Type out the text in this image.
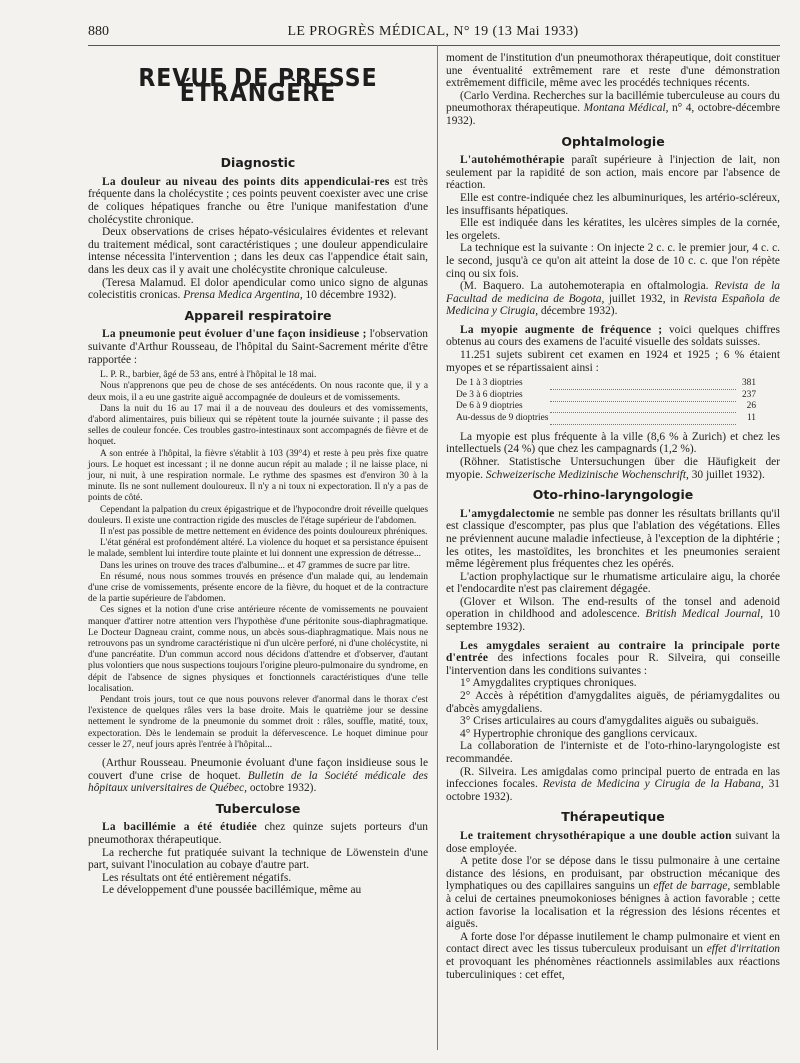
880	LE PROGRÈS MÉDICAL, N° 19 (13 Mai 1933)
REVUE DE PRESSE ÉTRANGÈRE
Diagnostic

La douleur au niveau des points dits appendiculai-res est très fréquente dans la cholécystite ; ces points peuvent coexister avec une crise de coliques hépatiques franche ou être l'unique manifestation d'une cholécystite chronique.

Deux observations de crises hépato-vésiculaires évidentes et relevant du traitement médical, sont caractéristiques ; une douleur appendiculaire intense nécessita l'intervention ; dans les deux cas l'appendice était sain, dans les deux cas il y avait une cholécystite chronique calculeuse.

(Teresa Malamud. El dolor apendicular como unico signo de algunas colecistitis cronicas. Prensa Medica Argentina, 10 décembre 1932).

Appareil respiratoire

La pneumonie peut évoluer d'une façon insidieuse ; l'observation suivante d'Arthur Rousseau, de l'hôpital du Saint-Sacrement mérite d'être rapportée :

L. P. R., barbier, âgé de 53 ans, entré à l'hôpital le 18 mai.

Nous n'apprenons que peu de chose de ses antécédents. On nous raconte que, il y a deux mois, il a eu une gastrite aiguë accompagnée de douleurs et de vomissements.

Dans la nuit du 16 au 17 mai il a de nouveau des douleurs et des vomissements, d'abord alimentaires, puis bilieux qui se répètent toute la journée suivante ; il passe des selles de couleur foncée. Ces troubles gastro-intestinaux sont accompagnés de fièvre et de hoquet.

A son entrée à l'hôpital, la fièvre s'établit à 103 (39°4) et reste à peu près fixe quatre jours. Le hoquet est incessant ; il ne donne aucun répit au malade ; il ne laisse place, ni jour, ni nuit, à une respiration normale. Le rythme des spasmes est d'environ 30 à la minute. Ils ne sont nullement douloureux. Il n'y a ni toux ni expectoration. Il n'y a pas de points de côté.

Cependant la palpation du creux épigastrique et de l'hypocondre droit réveille quelques douleurs. Il existe une contraction rigide des muscles de l'étage supérieur de l'abdomen.

Il n'est pas possible de mettre nettement en évidence des points douloureux phréniques.

L'état général est profondément altéré. La violence du hoquet et sa persistance épuisent le malade, semblent lui interdire toute plainte et lui donnent une expression de détresse...

Dans les urines on trouve des traces d'albumine... et 47 grammes de sucre par litre.

En résumé, nous nous sommes trouvés en présence d'un malade qui, au lendemain d'une crise de vomissements, présente encore de la fièvre, du hoquet et de la contracture de la partie supérieure de l'abdomen.

Ces signes et la notion d'une crise antérieure récente de vomissements ne pouvaient manquer d'attirer notre attention vers l'hypothèse d'une péritonite sous-diaphragmatique. Le Docteur Dagneau craint, comme nous, un abcès sous-diaphragmatique. Mais nous ne retrouvons pas un syndrome caractéristique ni d'un ulcère perforé, ni d'une cholécystite, ni d'une pancréatite. D'un commun accord nous décidons d'attendre et d'observer, d'autant plus volontiers que nous suspections toujours l'origine pleuro-pulmonaire du syndrome, en dépit de l'absence de signes physiques et fonctionnels caractéristiques d'une telle localisation.

Pendant trois jours, tout ce que nous pouvons relever d'anormal dans le thorax c'est l'existence de quelques râles vers la base droite. Mais le quatrième jour se dessine nettement le syndrome de la pneumonie du sommet droit : râles, souffle, matité, toux, expectoration. Dès le lendemain se produit la défervescence. Le hoquet diminue pour cesser le 27, neuf jours après l'entrée à l'hôpital...

(Arthur Rousseau. Pneumonie évoluant d'une façon insidieuse sous le couvert d'une crise de hoquet. Bulletin de la Société médicale des hôpitaux universitaires de Québec, octobre 1932).

Tuberculose

La bacillémie a été étudiée chez quinze sujets porteurs d'un pneumothorax thérapeutique.

La recherche fut pratiquée suivant la technique de Löwenstein d'une part, suivant l'inoculation au cobaye d'autre part.

Les résultats ont été entièrement négatifs.

Le développement d'une poussée bacillémique, même au

moment de l'institution d'un pneumothorax thérapeutique, doit constituer une éventualité extrêmement rare et reste d'une démonstration extrêmement difficile, même avec les procédés techniques récents.

(Carlo Verdina. Recherches sur la bacillémie tuberculeuse au cours du pneumothorax thérapeutique. Montana Médical, n° 4, octobre-décembre 1932).

Ophtalmologie

L'autohémothérapie paraît supérieure à l'injection de lait, non seulement par la rapidité de son action, mais encore par l'absence de réaction.

Elle est contre-indiquée chez les albuminuriques, les artério-scléreux, les insuffisants hépatiques.

Elle est indiquée dans les kératites, les ulcères simples de la cornée, les orgelets.

La technique est la suivante : On injecte 2 c. c. le premier jour, 4 c. c. le second, jusqu'à ce qu'on ait atteint la dose de 10 c. c. que l'on répète cinq ou six fois.

(M. Baquero. La autohemoterapia en oftalmologia. Revista de la Facultad de medicina de Bogota, juillet 1932, in Revista Española de Medicina y Cirugia, décembre 1932).

La myopie augmente de fréquence ; voici quelques chiffres obtenus au cours des examens de l'acuité visuelle des soldats suisses.

11.251 sujets subirent cet examen en 1924 et 1925 ; 6 % étaient myopes et se répartissaient ainsi :

De 1 à 3 dioptries		381
De 3 à 6 dioptries		237
De 6 à 9 dioptries		26
Au-dessus de 9 dioptries		11

La myopie est plus fréquente à la ville (8,6 % à Zurich) et chez les intellectuels (24 %) que chez les campagnards (1,2 %).

(Röhner. Statistische Untersuchungen über die Häufigkeit der myopie. Schweizerische Medizinische Wochenschrift, 30 juillet 1932).

Oto-rhino-laryngologie

L'amygdalectomie ne semble pas donner les résultats brillants qu'il est classique d'escompter, pas plus que l'ablation des végétations. Elles ne préviennent aucune maladie infectieuse, à l'exception de la diphtérie ; les otites, les mastoïdites, les bronchites et les pneumonies seraient même légèrement plus fréquentes chez les opérés.

L'action prophylactique sur le rhumatisme articulaire aigu, la chorée et l'endocardite n'est pas clairement dégagée.

(Glover et Wilson. The end-results of the tonsel and adenoid operation in childhood and adolescence. British Medical Journal, 10 septembre 1932).

Les amygdales seraient au contraire la principale porte d'entrée des infections focales pour R. Silveira, qui conseille l'intervention dans les conditions suivantes :

1° Amygdalites cryptiques chroniques.

2° Accès à répétition d'amygdalites aiguës, de périamygdalites ou d'abcès amygdaliens.

3° Crises articulaires au cours d'amygdalites aiguës ou subaiguës.

4° Hypertrophie chronique des ganglions cervicaux.

La collaboration de l'interniste et de l'oto-rhino-laryngologiste est recommandée.

(R. Silveira. Les amigdalas como principal puerto de entrada en las infecciones focales. Revista de Medicina y Cirugia de la Habana, 31 octobre 1932).

Thérapeutique

Le traitement chrysothérapique a une double action suivant la dose employée.

A petite dose l'or se dépose dans le tissu pulmonaire à une certaine distance des lésions, en produisant, par obstruction mécanique des lymphatiques ou des capillaires sanguins un effet de barrage, semblable à celui de certaines pneumokonioses bénignes à action favorable ; cette action favorise la localisation et la régression des lésions récentes et aiguës.

A forte dose l'or dépasse inutilement le champ pulmonaire et vient en contact direct avec les tissus tuberculeux produisant un effet d'irritation et provoquant les phénomènes réactionnels assimilables aux réactions tuberculiniques : cet effet,
